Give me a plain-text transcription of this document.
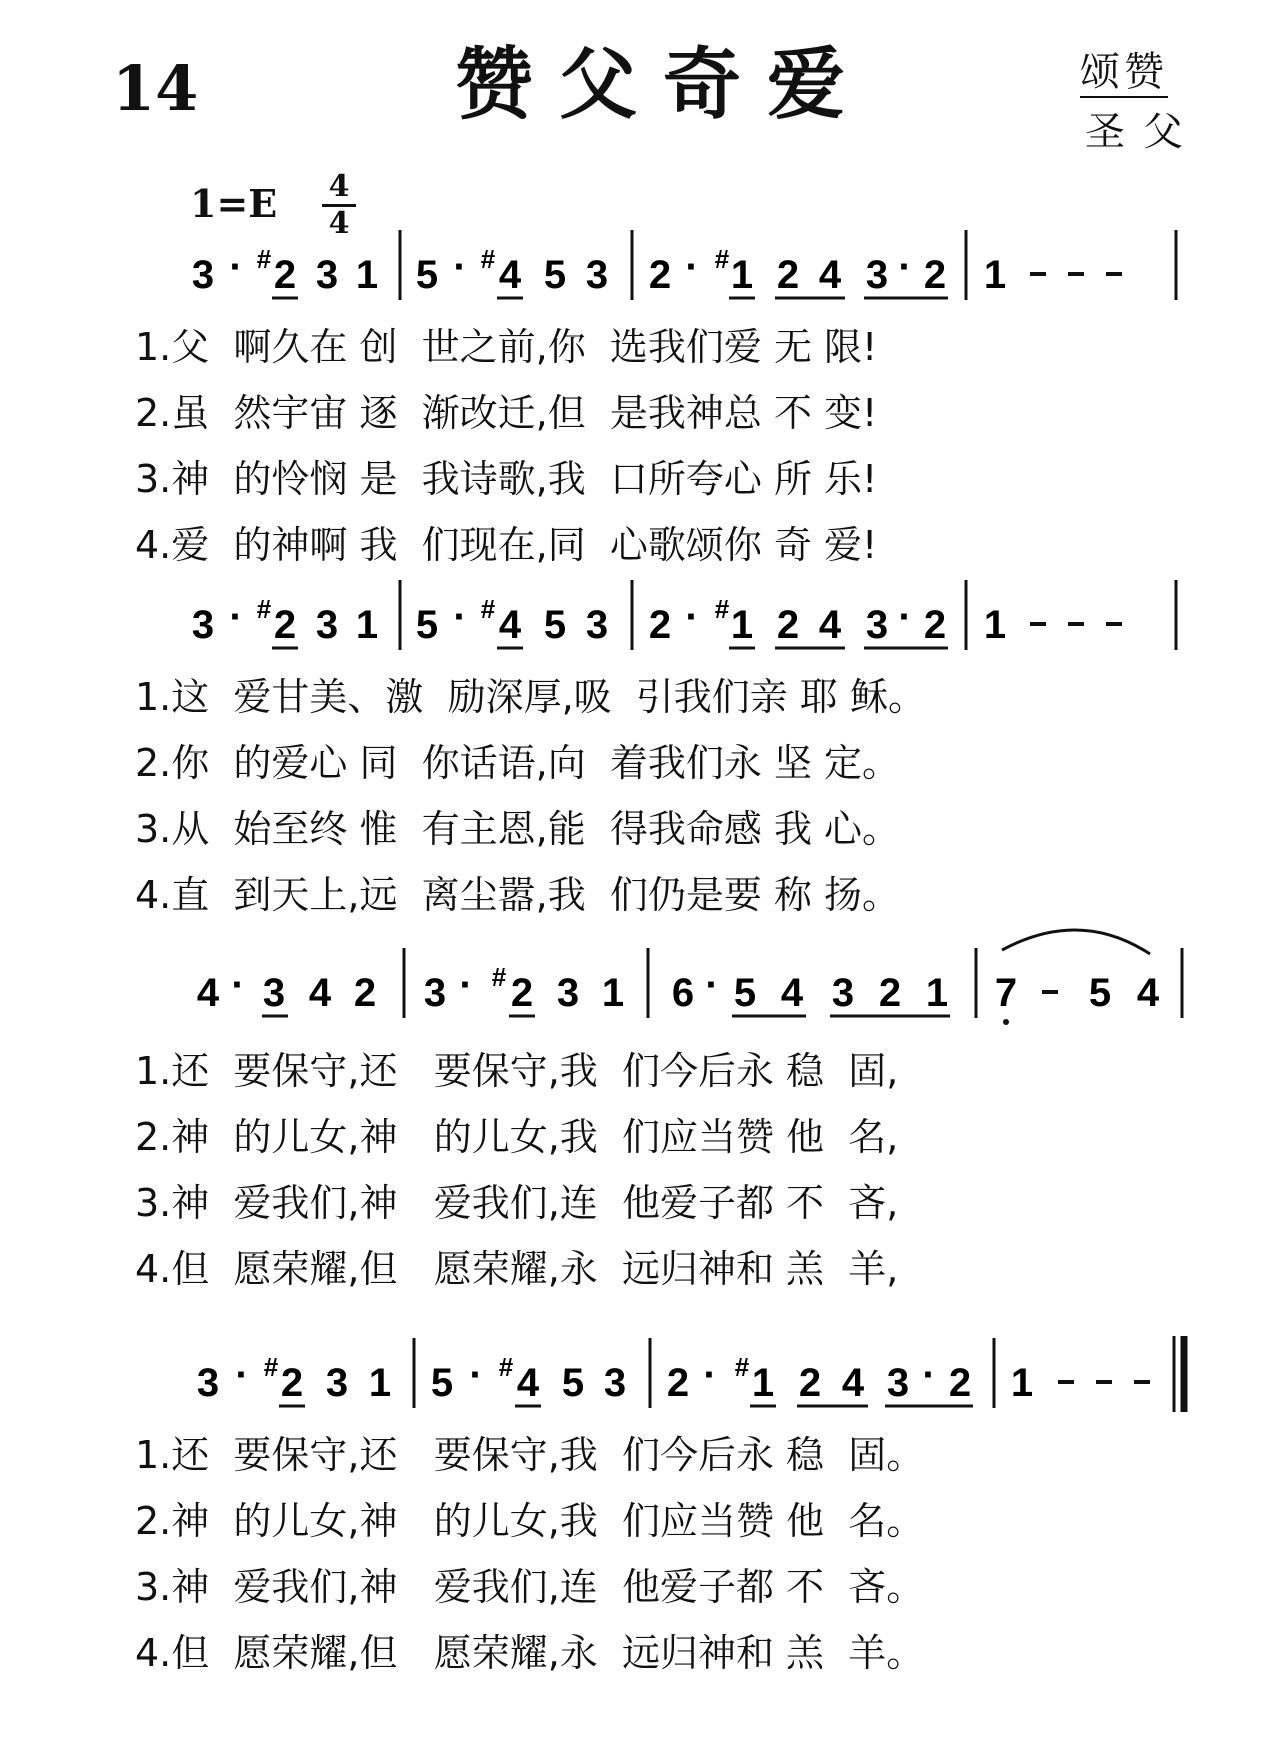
14	赞父奇爱	颂赞
圣父
$1=E \frac{4}{4}$
3 · # 2 3 1 5 · # 4 5 3 2 · # 1 2 4 3 · 2 1
1.父  啊久在 创  世之前,你  选我们爱 无 限!
2.虽  然宇宙 逐  渐改迁,但  是我神总 不 变!
3.神  的怜悯 是  我诗歌,我  口所夸心 所 乐!
4.爱  的神啊 我  们现在,同  心歌颂你 奇 爱!
3 · # 2 3 1 5 · # 4 5 3 2 · # 1 2 4 3 · 2 1
1.这  爱甘美、激  励深厚,吸  引我们亲 耶 稣。
2.你  的爱心 同  你话语,向  着我们永 坚 定。
3.从  始至终 惟  有主恩,能  得我命感 我 心。
4.直  到天上,远  离尘嚣,我  们仍是要 称 扬。
4 · 3 4 2 3 · # 2 3 1 6 · 5 4 3 2 1 7 5 4
1.还  要保守,还   要保守,我  们今后永 稳  固,
2.神  的儿女,神   的儿女,我  们应当赞 他  名,
3.神  爱我们,神   爱我们,连  他爱子都 不  吝,
4.但  愿荣耀,但   愿荣耀,永  远归神和 羔  羊,
3 · # 2 3 1 5 · # 4 5 3 2 · # 1 2 4 3 · 2 1
1.还  要保守,还   要保守,我  们今后永 稳  固。
2.神  的儿女,神   的儿女,我  们应当赞 他  名。
3.神  爱我们,神   爱我们,连  他爱子都 不  吝。
4.但  愿荣耀,但   愿荣耀,永  远归神和 羔  羊。
